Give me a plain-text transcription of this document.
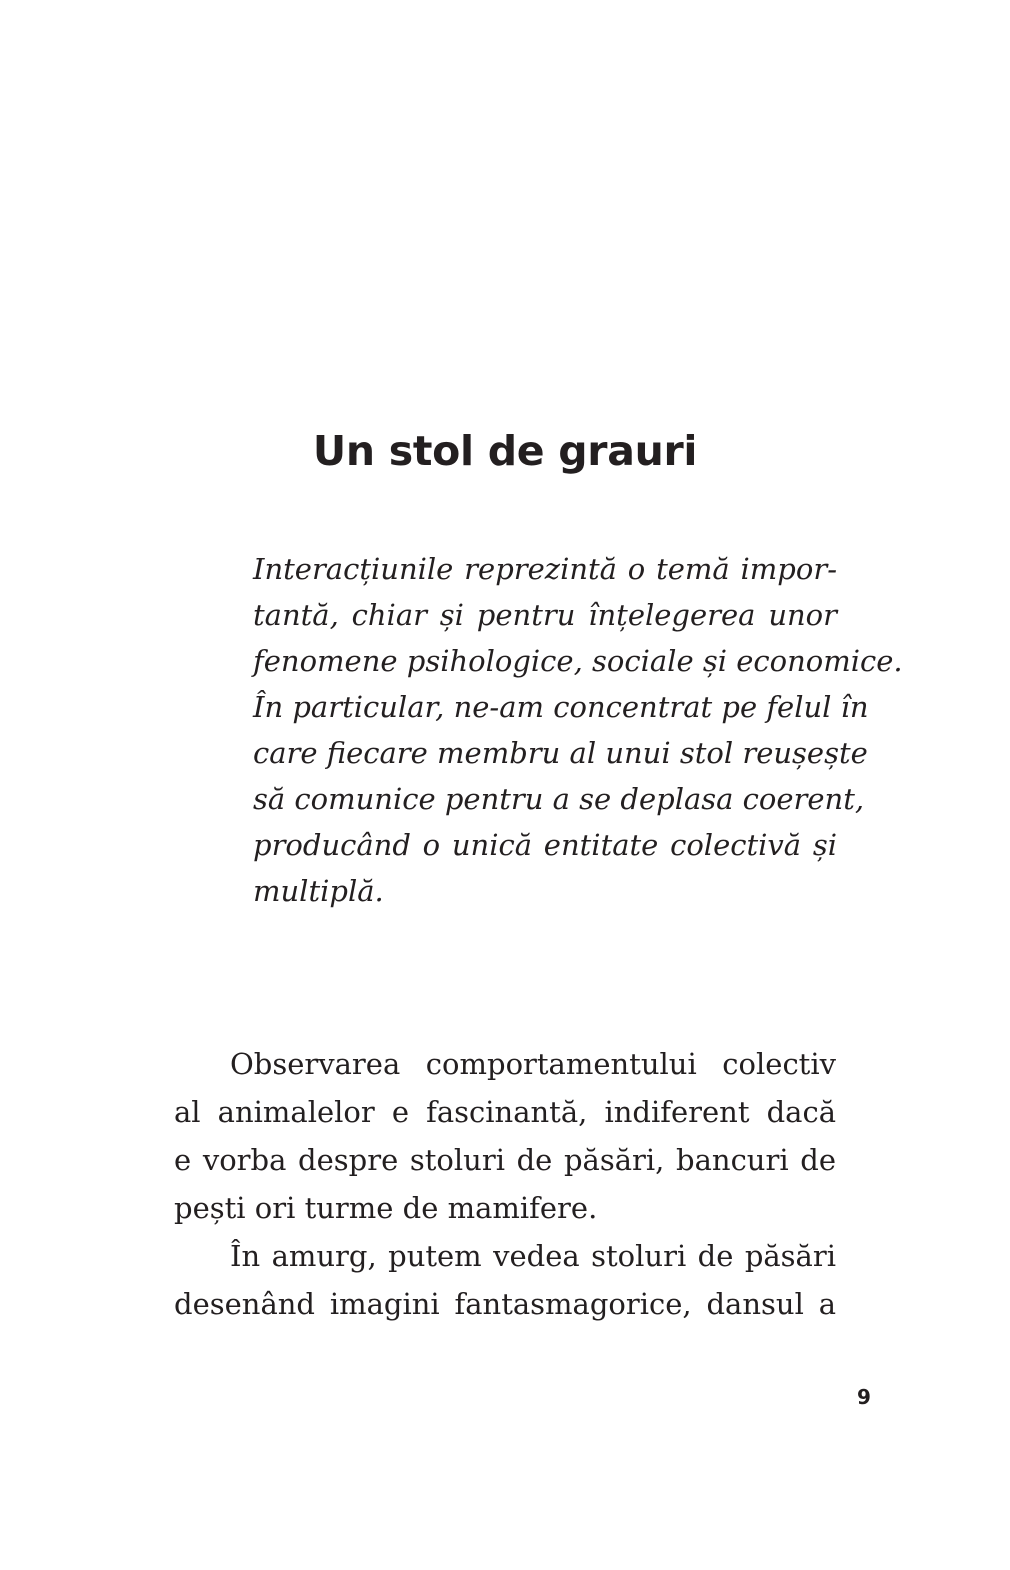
Un stol de grauri
Interacțiunile reprezintă o temă impor-
tantă, chiar și pentru înțelegerea unor
fenomene psihologice, sociale și economice.
În particular, ne-am concentrat pe felul în
care fiecare membru al unui stol reușește
să comunice pentru a se deplasa coerent,
producând o unică entitate colectivă și
multiplă.
Observarea comportamentului colectiv
al animalelor e fascinantă, indiferent dacă
e vorba despre stoluri de păsări, bancuri de
pești ori turme de mamifere.
În amurg, putem vedea stoluri de păsări
desenând imagini fantasmagorice, dansul a
9
